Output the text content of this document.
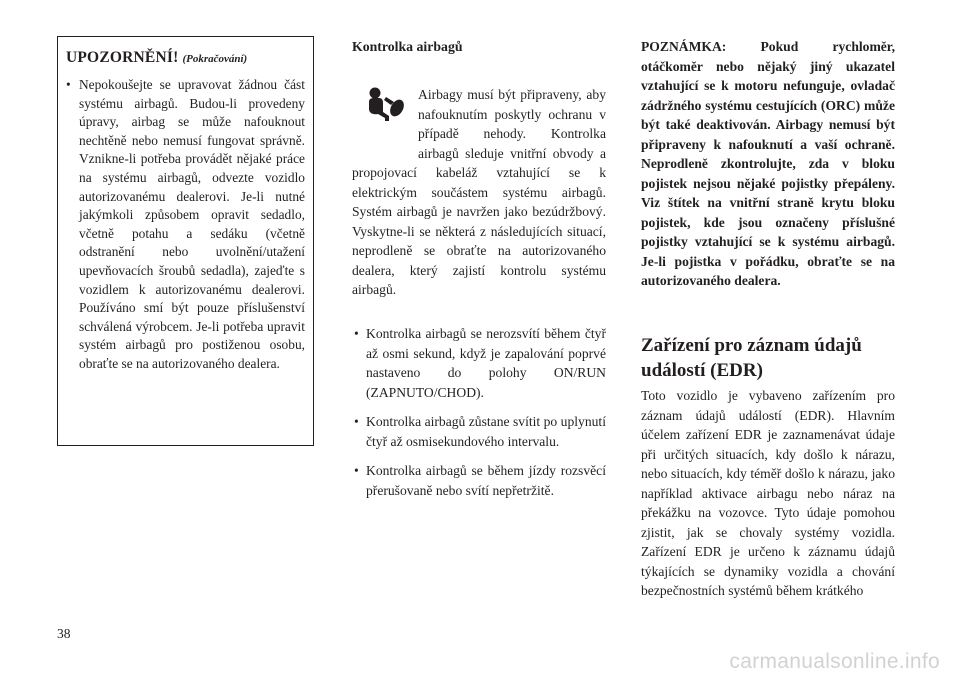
UPOZORNĚNÍ! (Pokračování)
• Nepokoušejte se upravovat žádnou část systému airbagů. Budou-li provedeny úpravy, airbag se může nafouknout nechtěně nebo nemusí fungovat správně. Vznikne-li potřeba provádět nějaké práce na systému airbagů, odvezte vozidlo autorizovanému dealerovi. Je-li nutné jakýmkoli způsobem opravit sedadlo, včetně potahu a sedáku (včetně odstranění nebo uvolnění/utažení upevňovacích šroubů sedadla), zajeďte s vozidlem k autorizovanému dealerovi. Používáno smí být pouze příslušenství schválená výrobcem. Je-li potřeba upravit systém airbagů pro postiženou osobu, obraťte se na autorizovaného dealera.
Kontrolka airbagů
Airbagy musí být připraveny, aby nafouknutím poskytly ochranu v případě nehody. Kontrolka airbagů sleduje vnitřní obvody a propojovací kabeláž vztahující se k elektrickým součástem systému airbagů. Systém airbagů je navržen jako bezúdržbový. Vyskytne-li se některá z následujících situací, neprodleně se obraťte na autorizovaného dealera, který zajistí kontrolu systému airbagů.
• Kontrolka airbagů se nerozsvítí během čtyř až osmi sekund, když je zapalování poprvé nastaveno do polohy ON/RUN (ZAPNUTO/CHOD).
• Kontrolka airbagů zůstane svítit po uplynutí čtyř až osmisekundového intervalu.
• Kontrolka airbagů se během jízdy rozsvěcí přerušovaně nebo svítí nepřetržitě.
POZNÁMKA: Pokud rychloměr, otáčkoměr nebo nějaký jiný ukazatel vztahující se k motoru nefunguje, ovladač zádržného systému cestujících (ORC) může být také deaktivován. Airbagy nemusí být připraveny k nafouknutí a vaší ochraně. Neprodleně zkontrolujte, zda v bloku pojistek nejsou nějaké pojistky přepáleny. Viz štítek na vnitřní straně krytu bloku pojistek, kde jsou označeny příslušné pojistky vztahující se k systému airbagů. Je-li pojistka v pořádku, obraťte se na autorizovaného dealera.
Zařízení pro záznam údajů událostí (EDR)
Toto vozidlo je vybaveno zařízením pro záznam údajů událostí (EDR). Hlavním účelem zařízení EDR je zaznamenávat údaje při určitých situacích, kdy došlo k nárazu, nebo situacích, kdy téměř došlo k nárazu, jako například aktivace airbagu nebo náraz na překážku na vozovce. Tyto údaje pomohou zjistit, jak se chovaly systémy vozidla. Zařízení EDR je určeno k záznamu údajů týkajících se dynamiky vozidla a chování bezpečnostních systémů během krátkého
38
carmanualsonline.info
